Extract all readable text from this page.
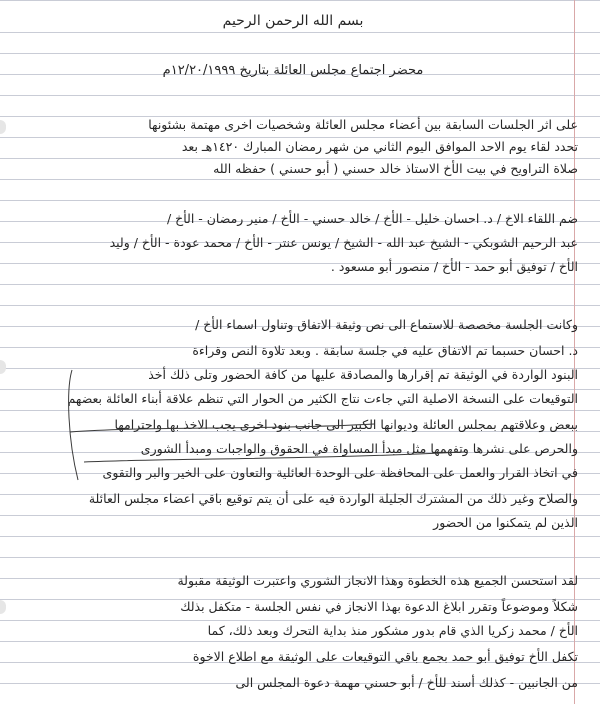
بسم الله الرحمن الرحيم
محضر اجتماع مجلس العائلة بتاريخ ١٢/٢٠/١٩٩٩م
على اثر الجلسات السابقة بين أعضاء مجلس العائلة وشخصيات اخرى مهتمة بشئونها
تحدد لقاء يوم الاحد الموافق اليوم الثاني من شهر رمضان المبارك ١٤٢٠هـ بعد
صلاة التراويح في بيت الأخ الاستاذ خالد حسني ( أبو حسني ) حفظه الله
ضم اللقاء الاخ / د. احسان خليل - الأخ / خالد حسني - الأخ / منير رمضان - الأخ /
عبد الرحيم الشوبكي - الشيخ عبد الله - الشيخ / يونس عنتر - الأخ / محمد عودة - الأخ / وليد
الأخ / توفيق أبو حمد - الأخ / منصور أبو مسعود .
وكانت الجلسة مخصصة للاستماع الى نص وثيقة الاتفاق وتناول اسماء الأخ /
د. احسان حسبما تم الاتفاق عليه في جلسة سابقة . وبعد تلاوة النص وقراءة
البنود الواردة في الوثيقة تم إقرارها والمصادقة عليها من كافة الحضور وتلى ذلك أخذ
التوقيعات على النسخة الاصلية التي جاءت نتاج الكثير من الحوار التي تنظم علاقة أبناء العائلة بعضهم
ببعض وعلاقتهم بمجلس العائلة وديوانها الكبير الى جانب بنود اخرى يجب الاخذ بها واحترامها
والحرص على نشرها وتفهمها مثل مبدأ المساواة في الحقوق والواجبات ومبدأ الشورى
في اتخاذ القرار والعمل على المحافظة على الوحدة العائلية والتعاون على الخير والبر والتقوى
والصلاح وغير ذلك من المشترك الجليلة الواردة فيه على أن يتم توقيع باقي اعضاء مجلس العائلة
الذين لم يتمكنوا من الحضور
لقد استحسن الجميع هذه الخطوة وهذا الانجاز الشوري واعتبرت الوثيقة مقبولة
شكلاً وموضوعاً وتقرر ابلاغ الدعوة بهذا الانجاز في نفس الجلسة - متكفل بذلك
الأخ / محمد زكريا الذي قام بدور مشكور منذ بداية التحرك وبعد ذلك، كما
تكفل الأخ توفيق أبو حمد بجمع باقي التوقيعات على الوثيقة مع اطلاع الاخوة
من الجانبين - كذلك أسند للأخ / أبو حسني مهمة دعوة المجلس الى
